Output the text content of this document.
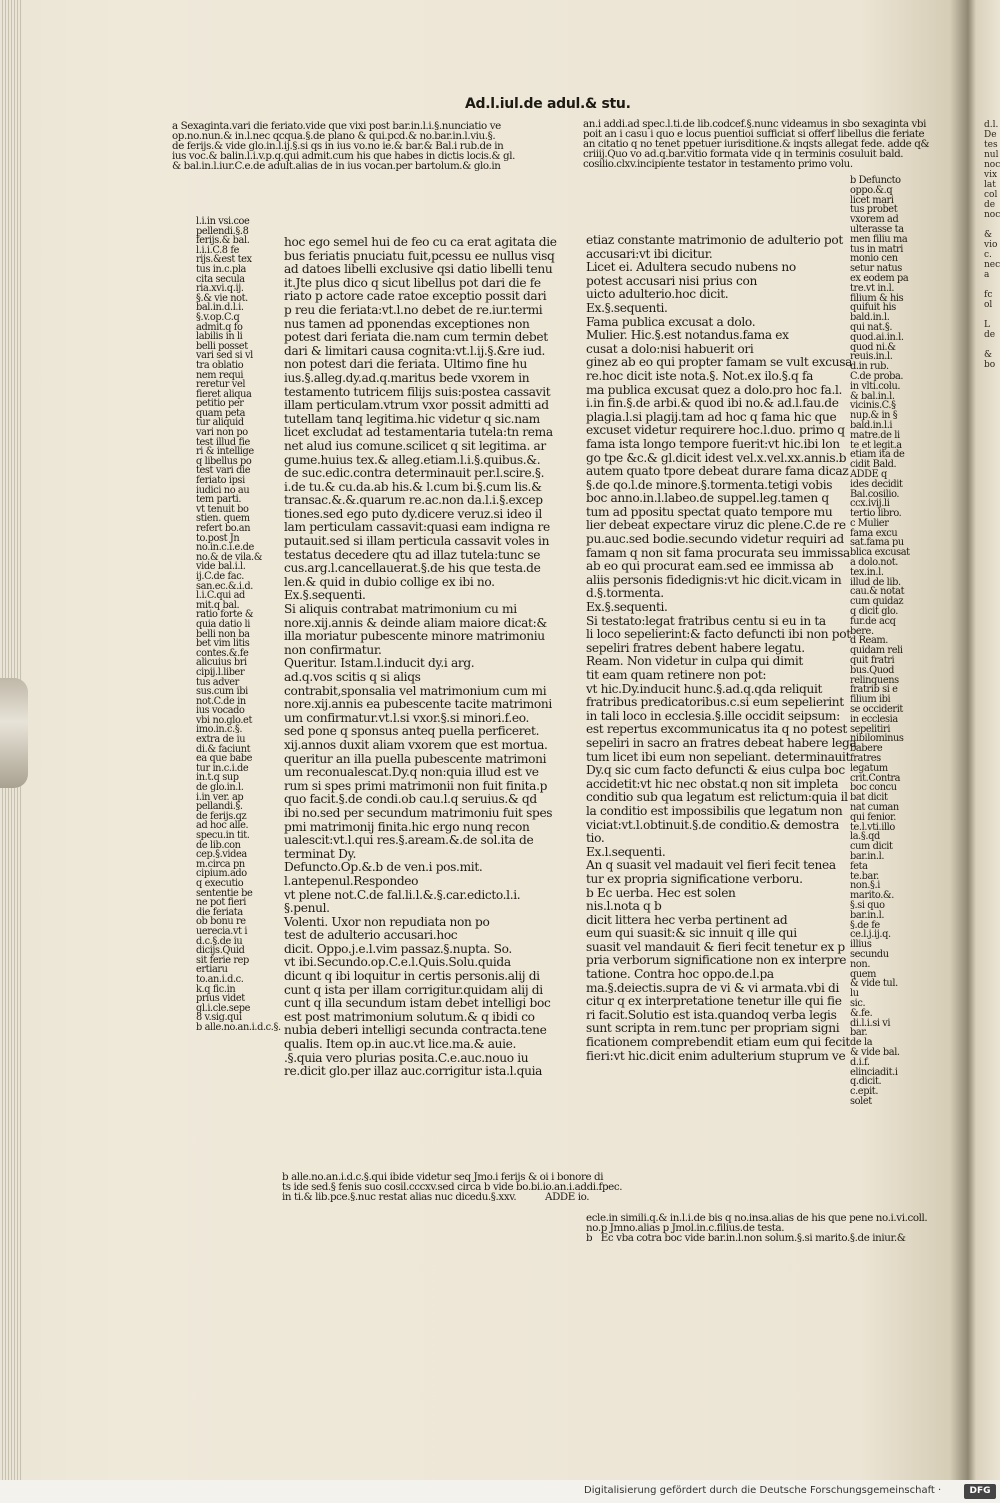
Ad.l.iul.de adul.& stu.

a Sexaginta.vari die feriato.vide que vixi post bar.in.l.i.§.nunciatio ve
op.no.nun.& in.l.nec qcqua.§.de plano & qui.pcd.& no.bar.in.l.viu.§.
de ferijs.& vide glo.in.l.ij.§.si qs in ius vo.no ie.& bar.& Bal.i rub.de in
ius voc.& balin.l.i.v.p.q.qui admit.cum his que habes in dictis locis.& gl.
& bal.in.l.iur.C.e.de adult.alias de in ius vocan.per bartolum.& glo.in

an.i addi.ad spec.l.ti.de lib.codcef.§.nunc videamus in sbo sexaginta vbi
poit an i casu i quo e locus puentioi sufficiat si offerf libellus die feriate
an citatio q no tenet ppetuer iurisditione.& inqsts allegat fede. adde q&
criiij.Quo vo ad.q.bar.vitio formata vide q in terminis cosuluit bald.
cosilio.clxv.incipiente testator in testamento primo volu.

l.i.in vsi.coe
pellendi.§.8
ferijs.& bal.
l.i.i.C.8 fe
rijs.&est tex
tus in.c.pla
cita secula
ria.xvi.q.ij.
§.& vie not.
bal.in.d.l.i.
§.v.op.C.q
admit.q fo
labilis in li
belli posset
vari sed si vl
tra oblatio
nem requi
reretur vel
fieret aliqua
petitio per
quam peta
tur aliquid
vari non po
test illud fie
ri & intellige
q libellus po
test vari die
feriato ipsi
iudici no au
tem parti.
vt tenuit bo
stien. quem
refert bo.an
to.post Jn
no.in.c.i.e.de
no.& de vila.&
vide bal.i.l.
ij.C.de fac.
san.ec.&.i.d.
l.i.C.qui ad
mit.q bal.
ratio forte &
quia datio li
belli non ba
bet vim litis
contes.&.fe
alicuius bri
cipij.l.liber
tus adver
sus.cum ibi
not.C.de in
ius vocado
vbi no.glo.et
imo.in.c.§.
extra de iu
di.& faciunt
ea que babe
tur in.c.i.de
in.t.q sup
de glo.in.l.
i.in ver. ap
pellandi.§.
de ferijs.qz
ad hoc alle.
specu.in tit.
de lib.con
cep.§.videa
m.circa pn
cipium.ado
q executio
sententie be
ne pot fieri
die feriata
ob bonu re
uerecia.vt i
d.c.§.de iu
dicijs.Quid
sit ferie rep
ertiaru
to.an.i.d.c.
k.q fic.in
prius videt
gl.i.cle.sepe
8 v.sig.qui
b alle.no.an.i.d.c.§.

hoc ego semel hui de feo cu ca erat agitata die
bus feriatis pnuciatu fuit,pcessu ee nullus visq
ad datoes libelli exclusive qsi datio libelli tenu
it.Jte plus dico q sicut libellus pot dari die fe
riato p actore cade ratoe exceptio possit dari
p reu die feriata:vt.l.no debet de re.iur.termi
nus tamen ad pponendas exceptiones non
potest dari feriata die.nam cum termin debet
dari & limitari causa cognita:vt.l.ij.§.&re iud.
non potest dari die feriata. Ultimo fine hu
ius.§.alleg.dy.ad.q.maritus bede vxorem in
testamento tutricem filijs suis:postea cassavit
illam perticulam.vtrum vxor possit admitti ad
tutellam tanq legitima.hic videtur q sic.nam
licet excludat ad testamentaria tutela:tn rema
net alud ius comune.scilicet q sit legitima. ar
gume.huius tex.& alleg.etiam.l.i.§.quibus.&.
de suc.edic.contra determinauit per.l.scire.§.
i.de tu.& cu.da.ab his.& l.cum bi.§.cum lis.&
transac.&.&.quarum re.ac.non da.l.i.§.excep
tiones.sed ego puto dy.dicere veruz.si ideo il
lam perticulam cassavit:quasi eam indigna re
putauit.sed si illam perticula cassavit voles in
testatus decedere qtu ad illaz tutela:tunc se
cus.arg.l.cancellauerat.§.de his que testa.de
len.& quid in dubio collige ex ibi no.
Ex.§.sequenti.
Si aliquis contrabat matrimonium cu mi
nore.xij.annis & deinde aliam maiore dicat:&
illa moriatur pubescente minore matrimoniu
non confirmatur.
Queritur. Istam.l.inducit dy.i arg.
ad.q.vos scitis q si aliqs
contrabit,sponsalia vel matrimonium cum mi
nore.xij.annis ea pubescente tacite matrimoni
um confirmatur.vt.l.si vxor.§.si minori.f.eo.
sed pone q sponsus anteq puella perficeret.
xij.annos duxit aliam vxorem que est mortua.
queritur an illa puella pubescente matrimoni
um reconualescat.Dy.q non:quia illud est ve
rum si spes primi matrimonii non fuit finita.p
quo facit.§.de condi.ob cau.l.q seruius.& qd
ibi no.sed per secundum matrimoniu fuit spes
pmi matrimonij finita.hic ergo nunq recon
ualescit:vt.l.qui res.§.aream.&.de sol.ita de
terminat Dy.
Defuncto.Op.&.b de ven.i pos.mit.
l.antepenul.Respondeo
vt plene not.C.de fal.li.l.&.§.car.edicto.l.i.
§.penul.
Volenti. Uxor non repudiata non po
test de adulterio accusari.hoc
dicit. Oppo.j.e.l.vim passaz.§.nupta. So.
vt ibi.Secundo.op.C.e.l.Quis.Solu.quida
dicunt q ibi loquitur in certis personis.alij di
cunt q ista per illam corrigitur.quidam alij di
cunt q illa secundum istam debet intelligi boc
est post matrimonium solutum.& q ibidi co
nubia deberi intelligi secunda contracta.tene
qualis. Item op.in auc.vt lice.ma.& auie.
.§.quia vero plurias posita.C.e.auc.nouo iu
re.dicit glo.per illaz auc.corrigitur ista.l.quia

etiaz constante matrimonio de adulterio pot
accusari:vt ibi dicitur.
Licet ei. Adultera secudo nubens no
potest accusari nisi prius con
uicto adulterio.hoc dicit.
Ex.§.sequenti.
Fama publica excusat a dolo.
Mulier. Hic.§.est notandus.fama ex
cusat a dolo:nisi habuerit ori
ginez ab eo qui propter famam se vult excusa
re.hoc dicit iste nota.§. Not.ex ilo.§.q fa
ma publica excusat quez a dolo.pro hoc fa.l.
i.in fin.§.de arbi.& quod ibi no.& ad.l.fau.de
plagia.l.si plagij.tam ad hoc q fama hic que
excuset videtur requirere hoc.l.duo. primo q
fama ista longo tempore fuerit:vt hic.ibi lon
go tpe &c.& gl.dicit idest vel.x.vel.xx.annis.b
autem quato tpore debeat durare fama dicaz
§.de qo.l.de minore.§.tormenta.tetigi vobis
boc anno.in.l.labeo.de suppel.leg.tamen q
tum ad ppositu spectat quato tempore mu
lier debeat expectare viruz dic plene.C.de re
pu.auc.sed bodie.secundo videtur requiri ad
famam q non sit fama procurata seu immissa
ab eo qui procurat eam.sed ee immissa ab
aliis personis fidedignis:vt hic dicit.vicam in
d.§.tormenta.
Ex.§.sequenti.
Si testato:legat fratribus centu si eu in ta
li loco sepelierint:& facto defuncti ibi non pot
sepeliri fratres debent habere legatu.
Ream. Non videtur in culpa qui dimit
tit eam quam retinere non pot:
vt hic.Dy.inducit hunc.§.ad.q.qda reliquit
fratribus predicatoribus.c.si eum sepelierint
in tali loco in ecclesia.§.ille occidit seipsum:
est repertus excommunicatus ita q no potest
sepeliri in sacro an fratres debeat habere lega
tum licet ibi eum non sepeliant. determinauit
Dy.q sic cum facto defuncti & eius culpa boc
accidetit:vt hic nec obstat.q non sit impleta
conditio sub qua legatum est relictum:quia il
la conditio est impossibilis que legatum non
viciat:vt.l.obtinuit.§.de conditio.& demostra
tio.
Ex.l.sequenti.
An q suasit vel madauit vel fieri fecit tenea
tur ex propria significatione verboru.
b Ec uerba. Hec est solen
nis.l.nota q b
dicit littera hec verba pertinent ad
eum qui suasit:& sic innuit q ille qui
suasit vel mandauit & fieri fecit tenetur ex p
pria verborum significatione non ex interpre
tatione. Contra hoc oppo.de.l.pa
ma.§.deiectis.supra de vi & vi armata.vbi di
citur q ex interpretatione tenetur ille qui fie
ri facit.Solutio est ista.quandoq verba legis
sunt scripta in rem.tunc per propriam signi
ficationem comprebendit etiam eum qui fecit
fieri:vt hic.dicit enim adulterium stuprum ve

b Defuncto
oppo.&.q
licet mari
tus probet
vxorem ad
ulterasse ta
men filiu ma
tus in matri
monio cen
setur natus
ex eodem pa
tre.vt in.l.
filium & his
quifuit his
bald.in.l.
qui nat.§.
quod.ai.in.l.
quod ni.&
reuis.in.l.
d.in rub.
C.de proba.
in vlti.colu.
& bal.in.l.
vicinis.C.§
nup.& in §
bald.in.l.i
matre.de li
te et legit.a
etiam ita de
cidit Bald.
ADDE q
ides decidit
Bal.cosilio.
ccx.ivij.li
tertio libro.
c Mulier
fama excu
sat.fama pu
blica excusat
a dolo.not.
tex.in.l.
illud de lib.
cau.& notat
cum quidaz
q dicit glo.
fur.de acq
bere.
d Ream.
quidam reli
quit fratri
bus.Quod
relinquens
fratrib si e
filium ibi
se occiderit
in ecclesia
sepelitiri
nibilominus
babere
fratres
legatum
crit.Contra
boc concu
bat dicit
nat cuman
qui fenior.
te.l.vti.illo
la.§.qd
cum dicit
bar.in.l.
feta
te.bar.
non.§.i
marito.&.
§.si quo
bar.in.l.
§.de fe
ce.l.j.ij.q.
illius
secundu
non.
quem
& vide tul.
lu
sic.
&.fe.
di.l.i.si vi
bar.
de la
& vide bal.
d.i.f.
elinciadit.i
q.dicit.
c.epit.
solet

b alle.no.an.i.d.c.§.qui ibide videtur seq Jmo.i ferijs & oi i bonore
ts ide sed.§ fenis suo cosil.cccxv.sed circa b vide bo.bi.io.an.i.addi.fpec.
in ti.& lib.pce.§.nuc restat alias nuc dicedu.§.xxv.          ADDE

ecle.in simili.q.& in.l.i.de bis q no.insa.alias de his que pene no.i.vi.coll.
no.p Jmno.alias p Jmol.in.c.filius.de testa.
b   Ec vba cotra boc vide bar.in.l.non solum.§.si marito.§.de iniur.&

d.l.
De
tes
nul
noc
vix
lat
col
de
noc

&
vio
c.
nec
a

fc
ol

L
de

&
bo

Digitalisierung gefördert durch die Deutsche Forschungsgemeinschaft ·	DFG
